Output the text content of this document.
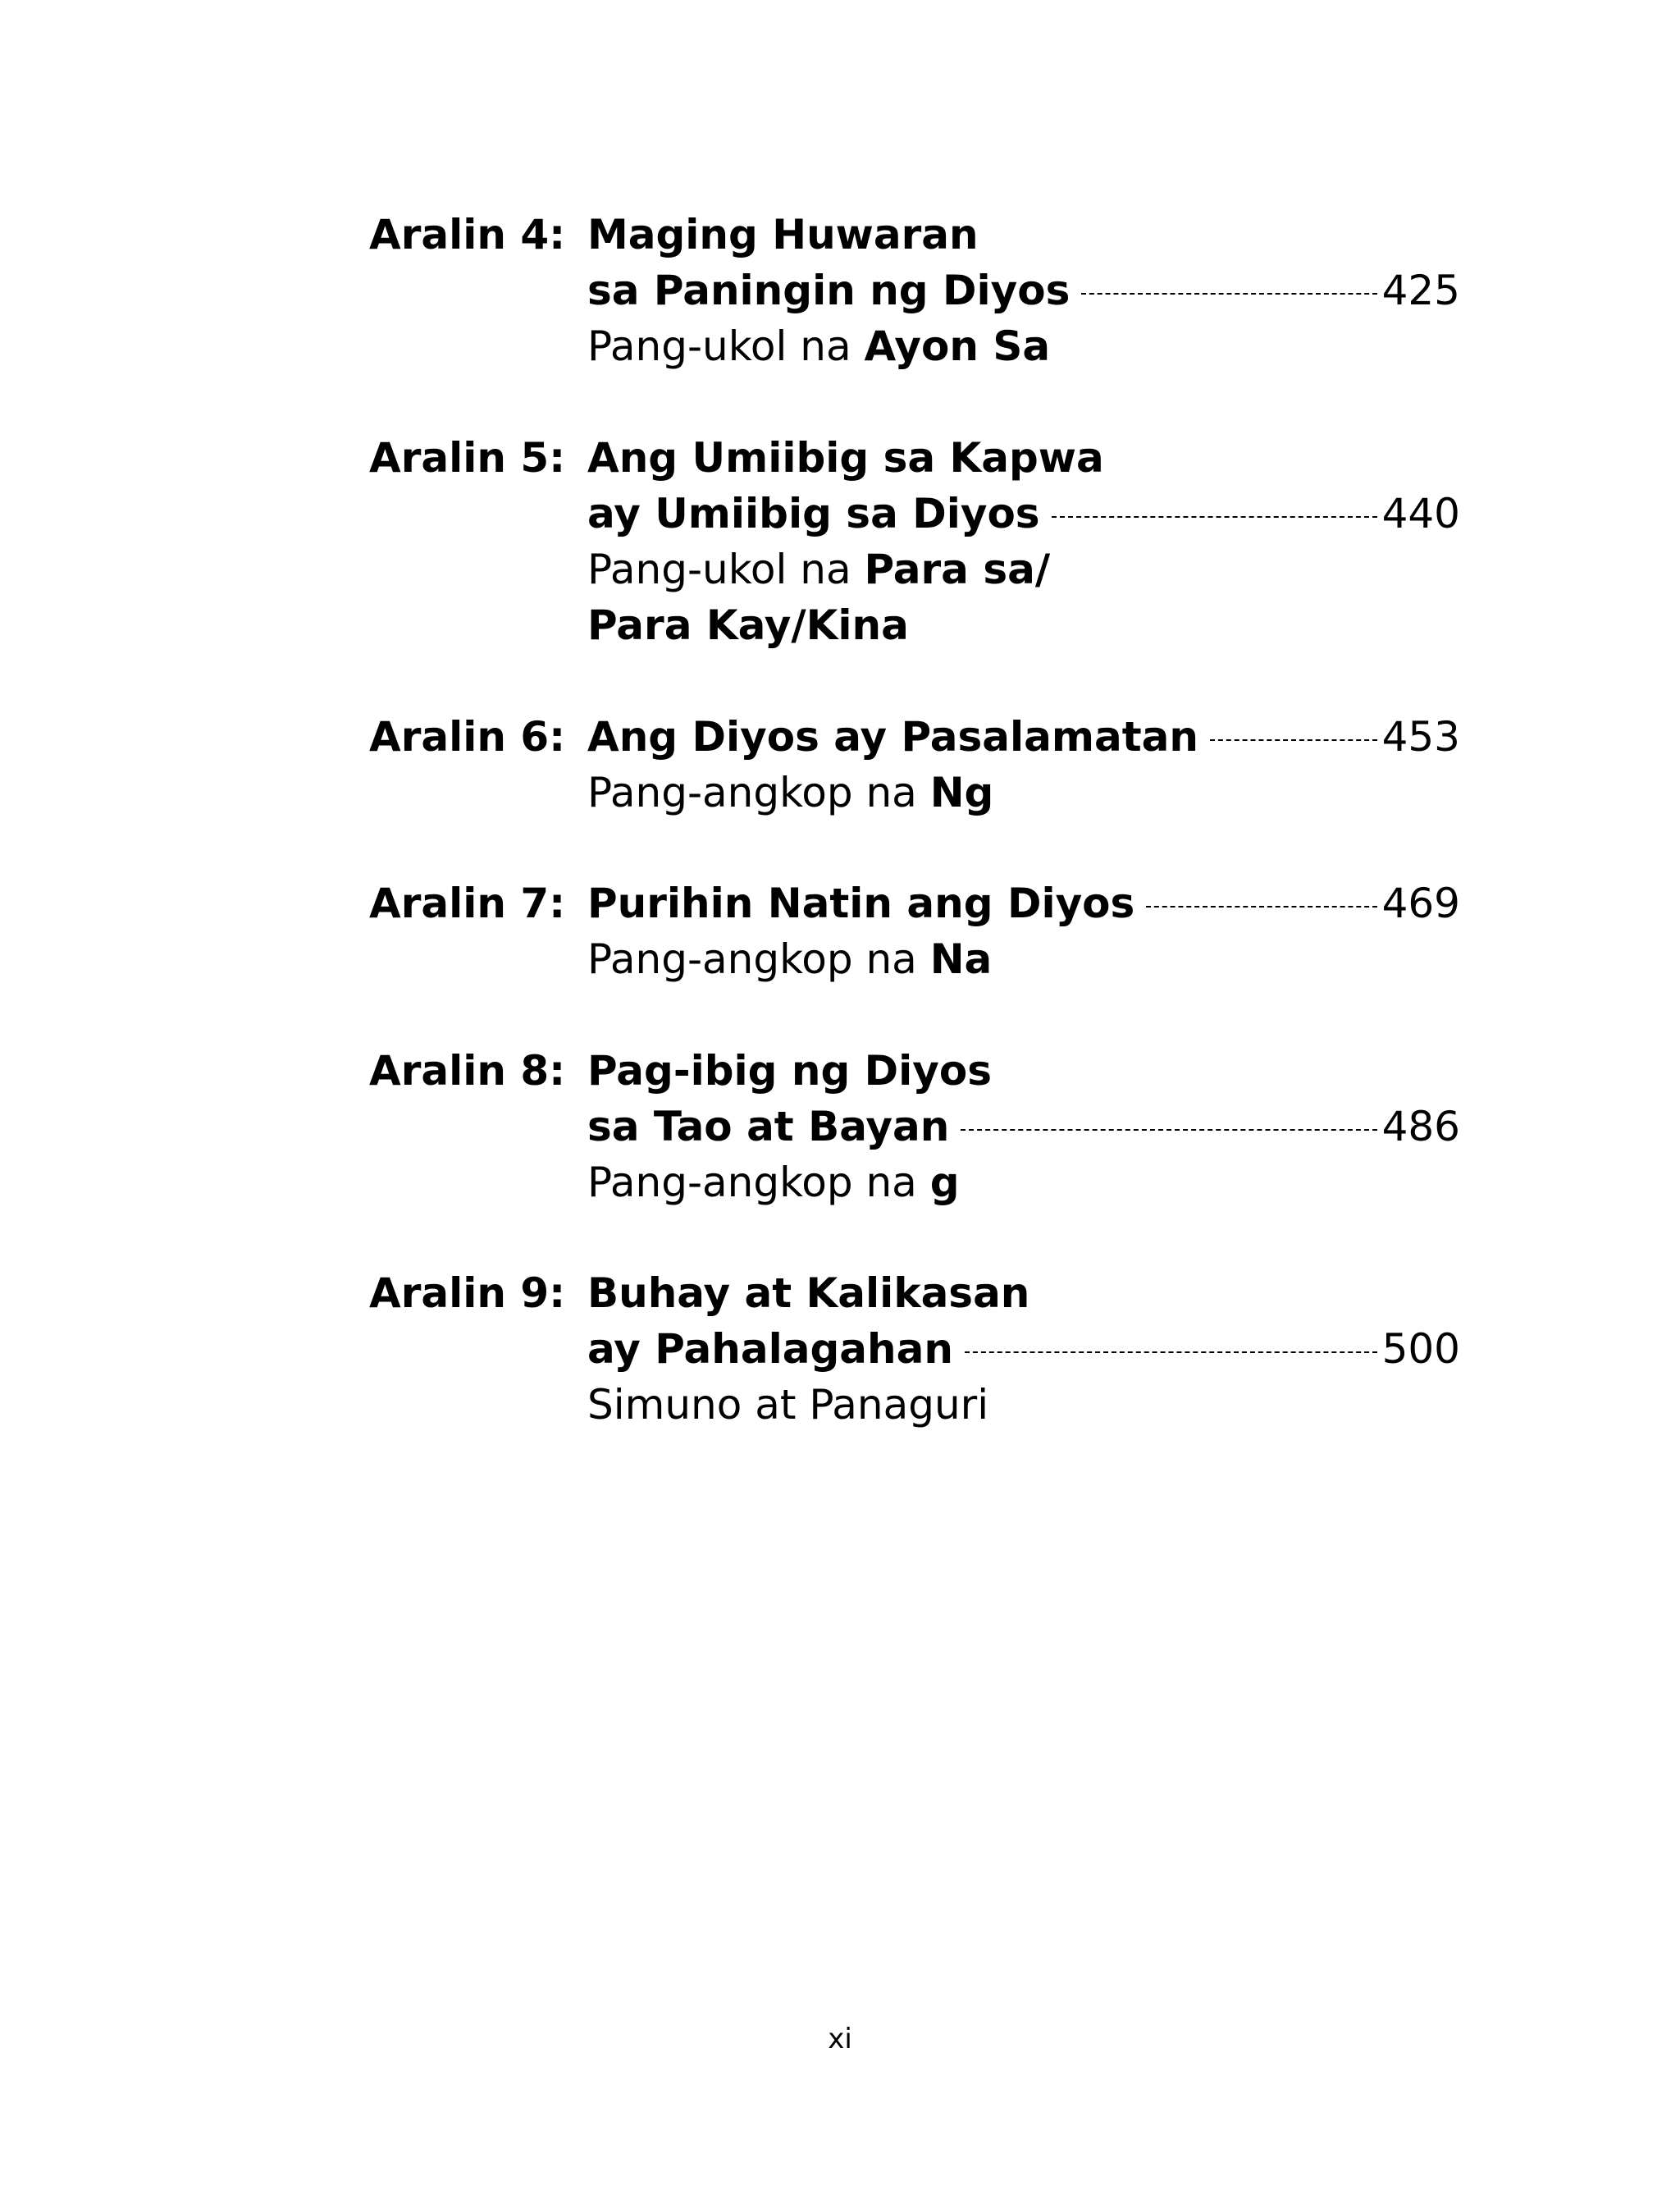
Aralin 4: Maging Huwaran
sa Paningin ng Diyos	425
Pang-ukol na Ayon Sa
Aralin 5: Ang Umiibig sa Kapwa
ay Umiibig sa Diyos	440
Pang-ukol na Para sa/
Para Kay/Kina
Aralin 6: Ang Diyos ay Pasalamatan	453
Pang-angkop na Ng
Aralin 7: Purihin Natin ang Diyos	469
Pang-angkop na Na
Aralin 8: Pag-ibig ng Diyos
sa Tao at Bayan	486
Pang-angkop na g
Aralin 9: Buhay at Kalikasan
ay Pahalagahan	500
Simuno at Panaguri
xi
